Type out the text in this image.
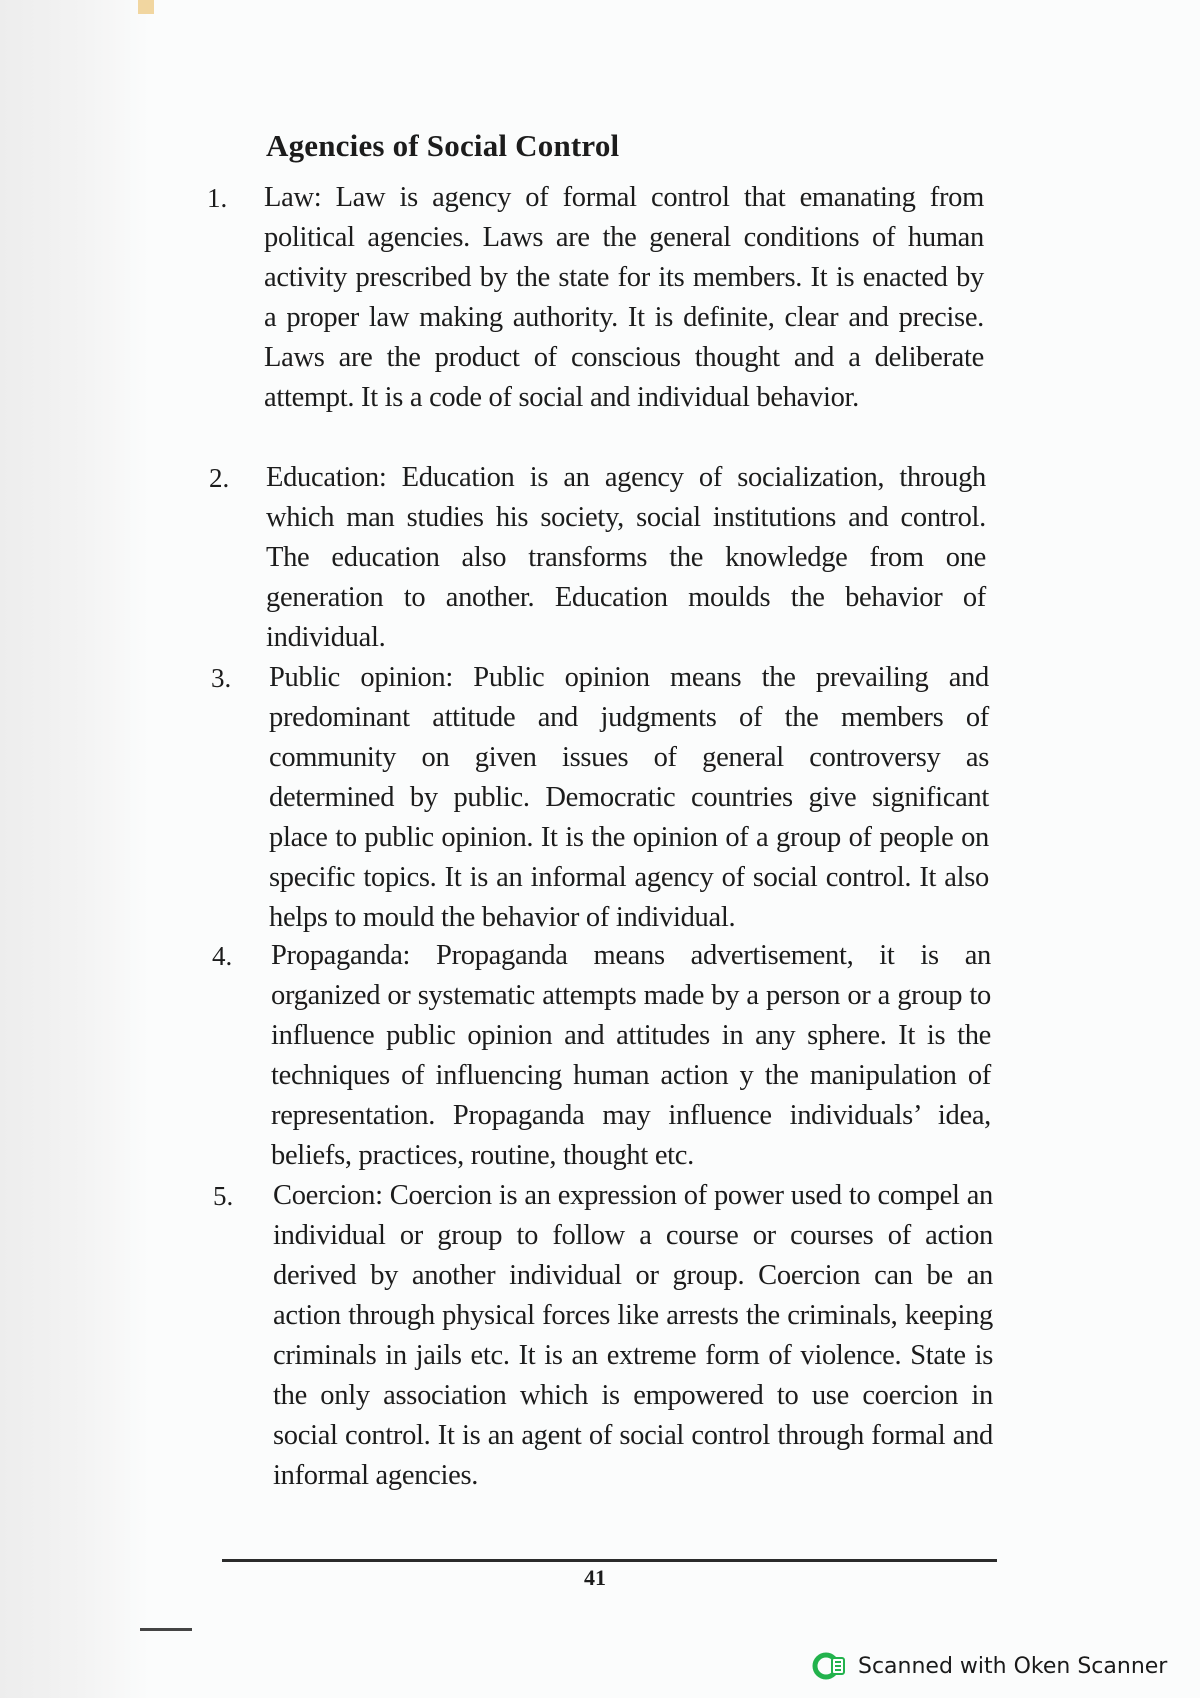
Agencies of Social Control
1. Law: Law is agency of formal control that emanating from political agencies. Laws are the general conditions of human activity prescribed by the state for its members. It is enacted by a proper law making authority. It is definite, clear and precise. Laws are the product of conscious thought and a deliberate attempt. It is a code of social and individual behavior.
2. Education: Education is an agency of socialization, through which man studies his society, social institutions and control. The education also transforms the knowledge from one generation to another. Education moulds the behavior of individual.
3. Public opinion: Public opinion means the prevailing and predominant attitude and judgments of the members of community on given issues of general controversy as determined by public. Democratic countries give significant place to public opinion. It is the opinion of a group of people on specific topics. It is an informal agency of social control. It also helps to mould the behavior of individual.
4. Propaganda: Propaganda means advertisement, it is an organized or systematic attempts made by a person or a group to influence public opinion and attitudes in any sphere. It is the techniques of influencing human action y the manipulation of representation. Propaganda may influence individuals’ idea, beliefs, practices, routine, thought etc.
5. Coercion: Coercion is an expression of power used to compel an individual or group to follow a course or courses of action derived by another individual or group. Coercion can be an action through physical forces like arrests the criminals, keeping criminals in jails etc. It is an extreme form of violence. State is the only association which is empowered to use coercion in social control. It is an agent of social control through formal and informal agencies.
41
Scanned with Oken Scanner
